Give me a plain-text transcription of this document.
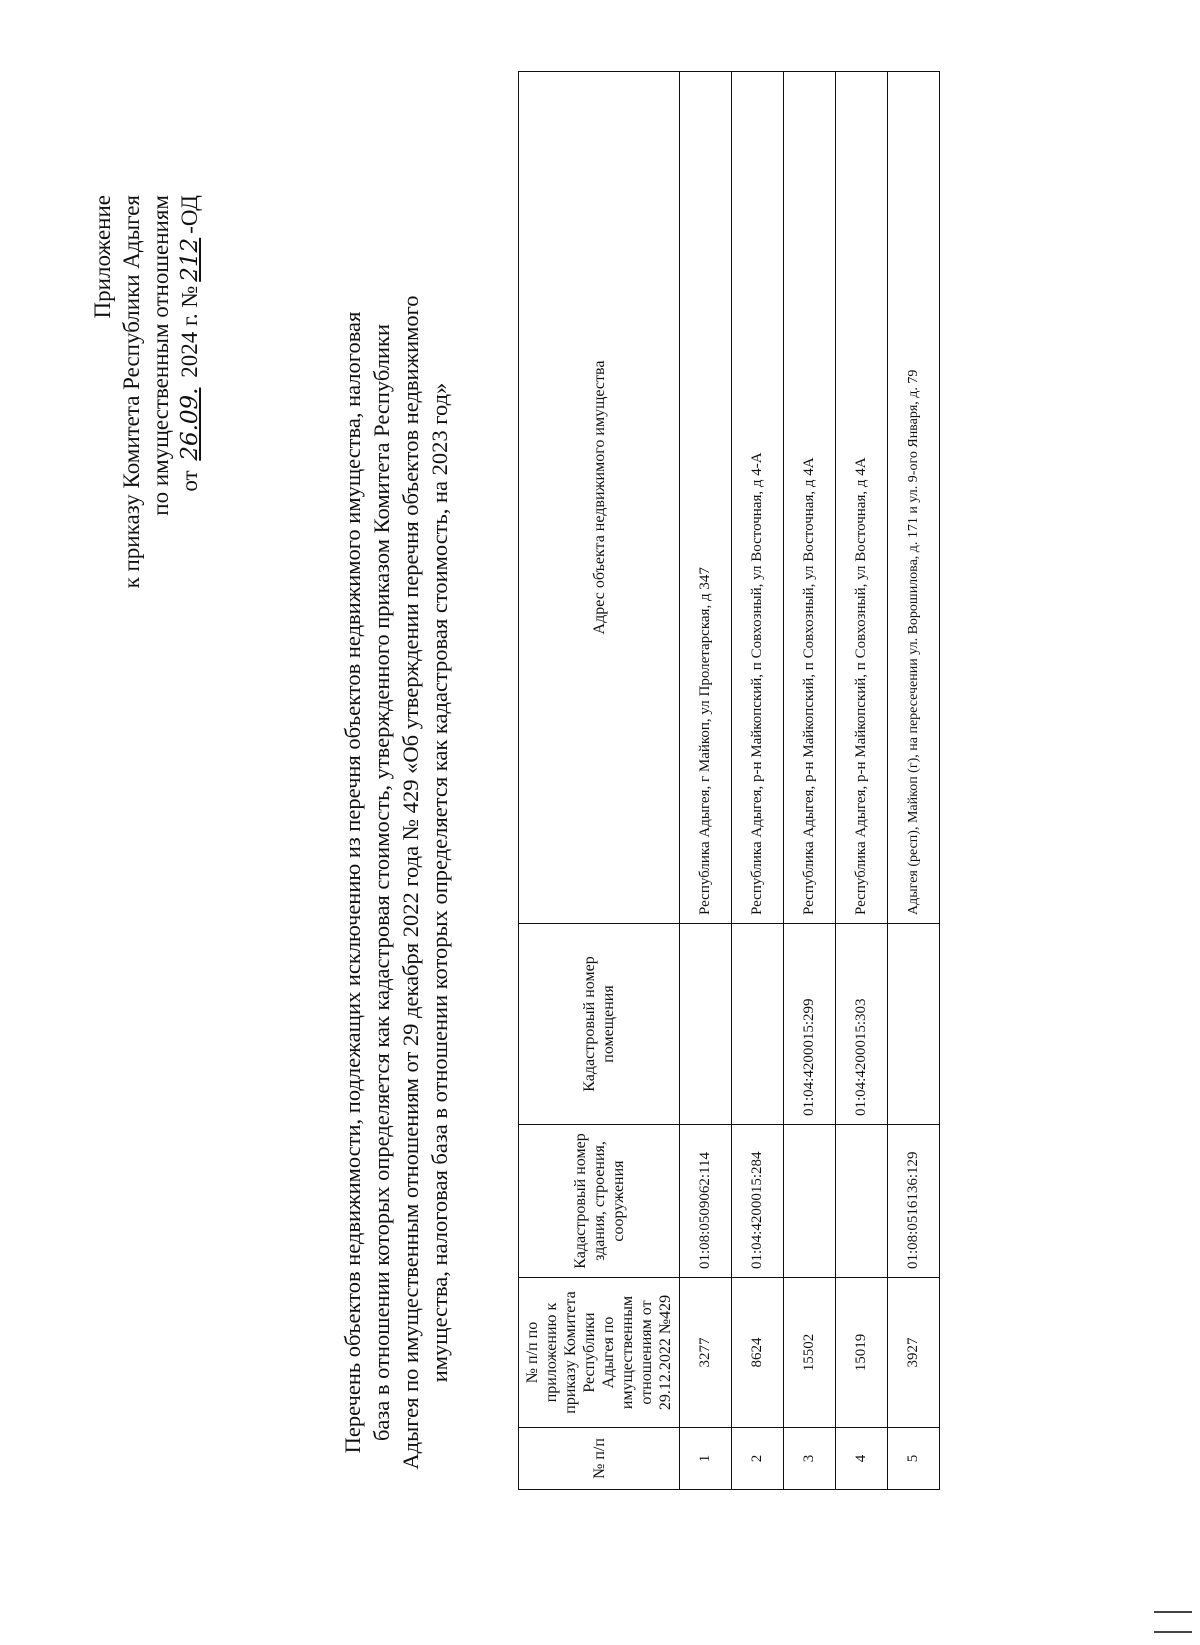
Приложение к приказу Комитета Республики Адыгея по имущественным отношениям от 26.09. 2024 г. №212-ОД
Перечень объектов недвижимости, подлежащих исключению из перечня объектов недвижимого имущества, налоговая база в отношении которых определяется как кадастровая стоимость, утвержденного приказом Комитета Республики Адыгея по имущественным отношениям от 29 декабря 2022 года № 429 «Об утверждении перечня объектов недвижимого имущества, налоговая база в отношении которых определяется как кадастровая стоимость, на 2023 год»
№ п/п	№ п/п по приложению к приказу Комитета Республики Адыгея по имущественным отношениям от 29.12.2022 №429	Кадастровый номер здания, строения, сооружения	Кадастровый номер помещения	Адрес объекта недвижимого имущества
1	3277	01:08:0509062:114		Республика Адыгея, г Майкоп, ул Пролетарская, д 347
2	8624	01:04:4200015:284		Республика Адыгея, р-н Майкопский, п Совхозный, ул Восточная, д 4-А
3	15502		01:04:4200015:299	Республика Адыгея, р-н Майкопский, п Совхозный, ул Восточная, д 4А
4	15019		01:04:4200015:303	Республика Адыгея, р-н Майкопский, п Совхозный, ул Восточная, д 4А
5	3927	01:08:0516136:129		Адыгея (респ), Майкоп (г), на пересечении ул. Ворошилова, д. 171 и ул. 9-ого Января, д. 79
